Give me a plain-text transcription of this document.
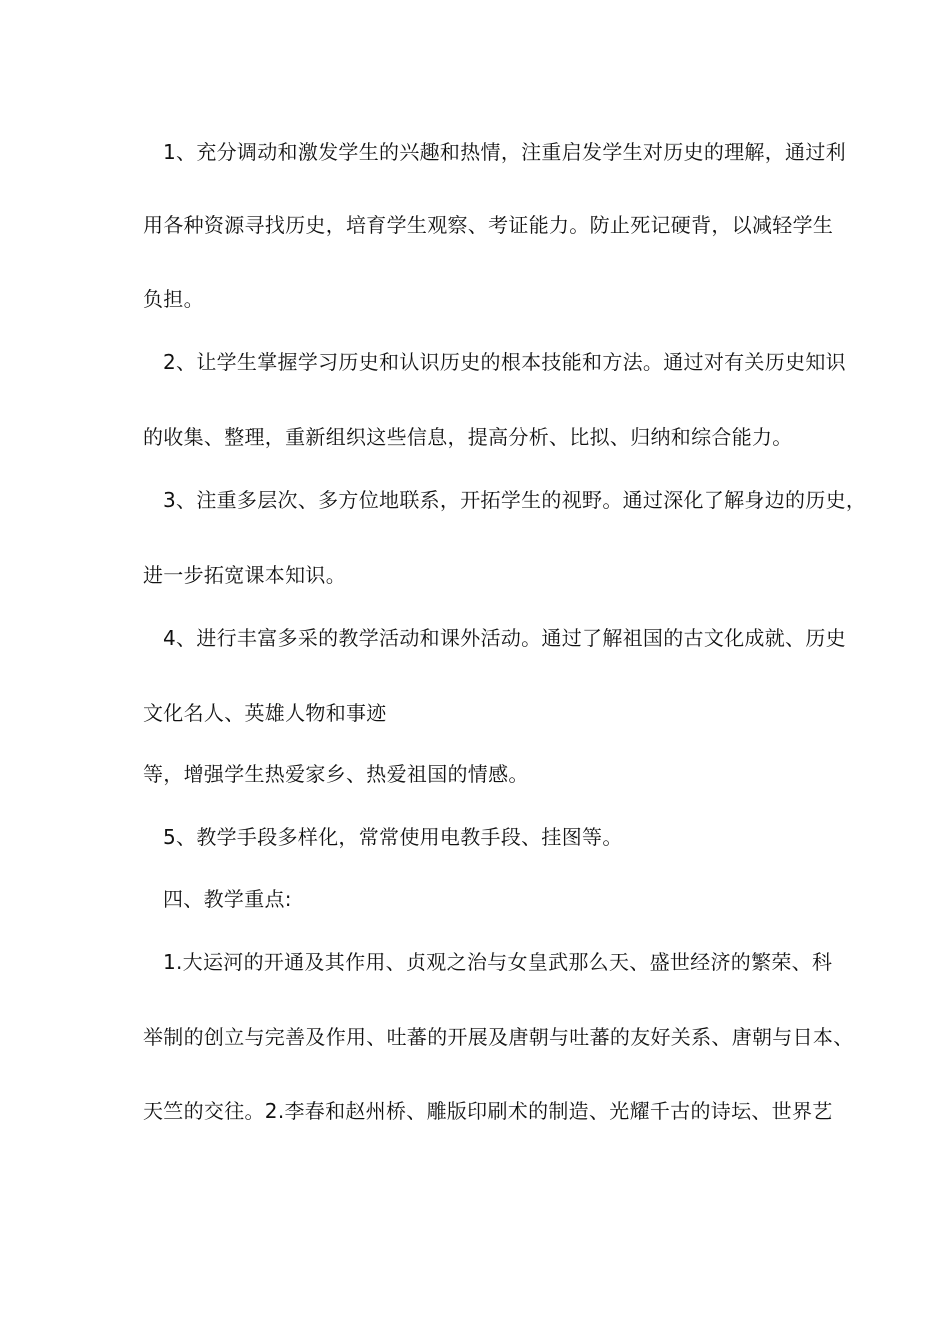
1、充分调动和激发学生的兴趣和热情，注重启发学生对历史的理解，通过利
用各种资源寻找历史，培育学生观察、考证能力。防止死记硬背，以减轻学生
负担。
2、让学生掌握学习历史和认识历史的根本技能和方法。通过对有关历史知识
的收集、整理，重新组织这些信息，提高分析、比拟、归纳和综合能力。
3、注重多层次、多方位地联系，开拓学生的视野。通过深化了解身边的历史，
进一步拓宽课本知识。
4、进行丰富多采的教学活动和课外活动。通过了解祖国的古文化成就、历史
文化名人、英雄人物和事迹
等，增强学生热爱家乡、热爱祖国的情感。
5、教学手段多样化，常常使用电教手段、挂图等。
四、教学重点:
1.大运河的开通及其作用、贞观之治与女皇武那么天、盛世经济的繁荣、科
举制的创立与完善及作用、吐蕃的开展及唐朝与吐蕃的友好关系、唐朝与日本、
天竺的交往。2.李春和赵州桥、雕版印刷术的制造、光耀千古的诗坛、世界艺
